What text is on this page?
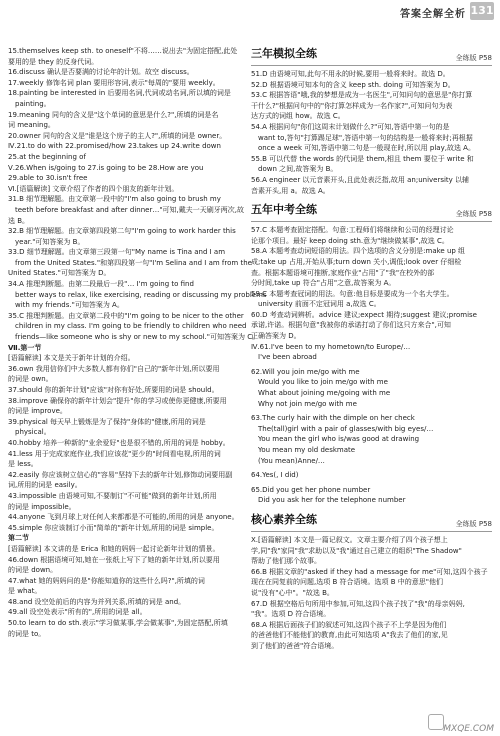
答案全解全析 131
15.themselves keep sth. to oneself"不将……说出去"为固定搭配,此处
要用的是 they 的反身代词。
16.discuss 确认是否要满的讨论年的计划。故空 discuss。
17.weekly 修饰名词 plan 要用形容词,表示"每周的"要用 weekly。
18.painting be interested in 后要用名词,代词或动名词,所以填的词是
painting。
19.meaning 同句的含义是"这个单词的意思是什么?",所填的词是名
词 meaning。
20.owner 同句的含义是"谁是这个房子的主人?",所填的词是 owner。
Ⅳ.21.to do with 22.promised/how 23.takes up 24.write down
25.at the beginning of
Ⅴ.26.When is/going to 27.is going to be 28.How are you
29.able to 30.isn't free
Ⅵ.[语篇解读] 文章介绍了作者的四个朋友的新年计划。
31.B 细节理解题。由文章第一段中的"I'm also going to brush my
teeth before breakfast and after dinner…"可知,戴夫一天刷牙两次,故
选 B。
32.B 细节理解题。由文章第四段第二句"I'm going to work harder this
year."可知答案为 B。
33.D 细节理解题。由文章第三段第一句"My name is Tina and I am
from the United States."和第四段第一句"I'm Selina and I am from the
United States."可知答案为 D。
34.A 推理判断题。由第二段最后一段"… I'm going to find
better ways to relax, like exercising, reading or discussing my problems
with my friends."可知答案为 A。
35.C 推理判断题。由文章第二段中的"I'm going to be nicer to the other
children in my class. I'm going to be friendly to children who need
friends—like someone who is shy or new to my school."可知答案为 C。
Ⅶ.第一节
[语篇解读] 本文是关于新年计划的介绍。
36.own 我用信你们中大多数人都有你们"自己的"新年计划,所以要用
的词是 own。
37.should 你的新年计划"应该"对你有好处,所要用的词是 should。
38.improve 确保你的新年计划会"提升"你的学习或使你更健康,所要用
的词是 improve。
39.physical 每天早上锻炼是为了保持"身体的"健康,所用的词是
physical。
40.hobby 培养一种新的"业余爱好"也是很不错的,所用的词是 hobby。
41.less 用于完成家庭作业,我们应该花"更少的"时间看电视,所用的词
是 less。
42.easily 你应该树立信心的"容易"坚持下去的新年计划,修饰动词要用副
词,所用的词是 easily。
43.impossible 由语境可知,不要制订"不可能"做到的新年计划,所用
的词是 impossible。
44.anyone 飞到月球上对任何人来都都是不可能的,所用的词是 anyone。
45.simple 你应该制订小而"简单的"新年计划,所用的词是 simple。
第二节
[语篇解读] 本文讲的是 Erica 和她的妈妈一起讨论新年计划的情景。
46.down 根据语境可知,她在一张纸上写下了她的新年计划,所以要用
的词是 down。
47.what 她的妈妈问的是"你能知道你的这些什么吗?",所填的词
是 what。
48.and 设空处前后的内容为并列关系,所填的词是 and。
49.all 设空处表示"所有的",所用的词是 all。
50.to learn to do sth.表示"学习做某事,学会做某事",为固定搭配,所填
的词是 to。
三年模拟全练	全练版 P58
51.D 由语境可知,此句不用永的时候,要用一般将来时。故选 D。
52.D 根据语境可知本句的含义 keep sth. doing 可知答案为 D。
53.C 根据答语"哦,我的梦想是成为一名医生",可知问句的意思是"你打算
干什么?"根据问句中的"你打算怎样成为一名作家?",可知问句为表
达方式的词组 how。故选 C。
54.A 根据问句"你们这周末计划做什么?"可知,答语中第一句的是
want to,答句"打算踢足球",答语中第一句的结构是一般将来时;再根据
once a week 可知,答语中第二句是一般现在时,所以用 play,故选 A。
55.B 可以代替 the words 的代词是 them,相且 them 要位于 write 和
down 之间,故答案为 B。
56.A engineer 以元音素开头,且此处表泛指,故用 an;university 以辅
音素开头,用 a。故选 A。
五年中考全练	全练版 P58
57.C 本题考查固定搭配。句意:工程师们将继续和公司的经理讨论
论那个项目。最好 keep doing sth.意为"继续做某事",故选 C。
58.A 本题考查动词短语的用法。四个选项的含义分别是:make up 组
成;take up 占用,开始从事;turn down 关小,调低;look over 仔细检
查。根据本题语境可推断,家庭作业"占用"了"我"在校外的部
分时间,take up 符合"占用"之意,故答案为 A。
59.C 本题考查冠词的用法。句意:他目标是要成为一个名大学生。
university 前面不定冠词用 a,故选 C。
60.D 考查动词辨析。advice 建议;expect 期待;suggest 建议;promise
承诺,许诺。根据句意"我被你的承诺打动了你们这只方来合",可知
正确答案为 D。
Ⅳ.61.I've been to my hometown/to Europe/…
I've been abroad
62.Will you join me/go with me
Would you like to join me/go with me
What about joining me/going with me
Why not join me/go with me
63.The curly hair with the dimple on her check
The(tall)girl with a pair of glasses/with big eyes/…
You mean the girl who is/was good at drawing
You mean my old deskmate
(You mean)Anne/…
64.Yes(, I did)
65.Did you get her phone number
Did you ask her for the telephone number
核心素养全练	全练版 P58
Ⅹ.[语篇解读] 本文是一篇记叙文。文章主要介绍了四个孩子想上
学,同"我"家同"我"求助以及"我"通过自己建立的组织"The Shadow"
帮助了他们那个故事。
66.B 根据文章的"asked if they had a message for me"可知,这四个孩子
现在在同复前的问题,选项 B 符合语境。选项 B 中的意思"他们
说"没有"心中"。"故选 B。
67.D 根据空格后句所用中参加,可知,这四个孩子找了"我"的母亲妈妈,
"我"。选项 D 符合语境。
68.A 根据后面孩子们的叙述可知,这四个孩子不上学是因为他们
的爸爸他们不能他们的教育,由此可知选项 A"我去了他们的家,见
到了他们的爸爸"符合语境。
MXQE.COM
